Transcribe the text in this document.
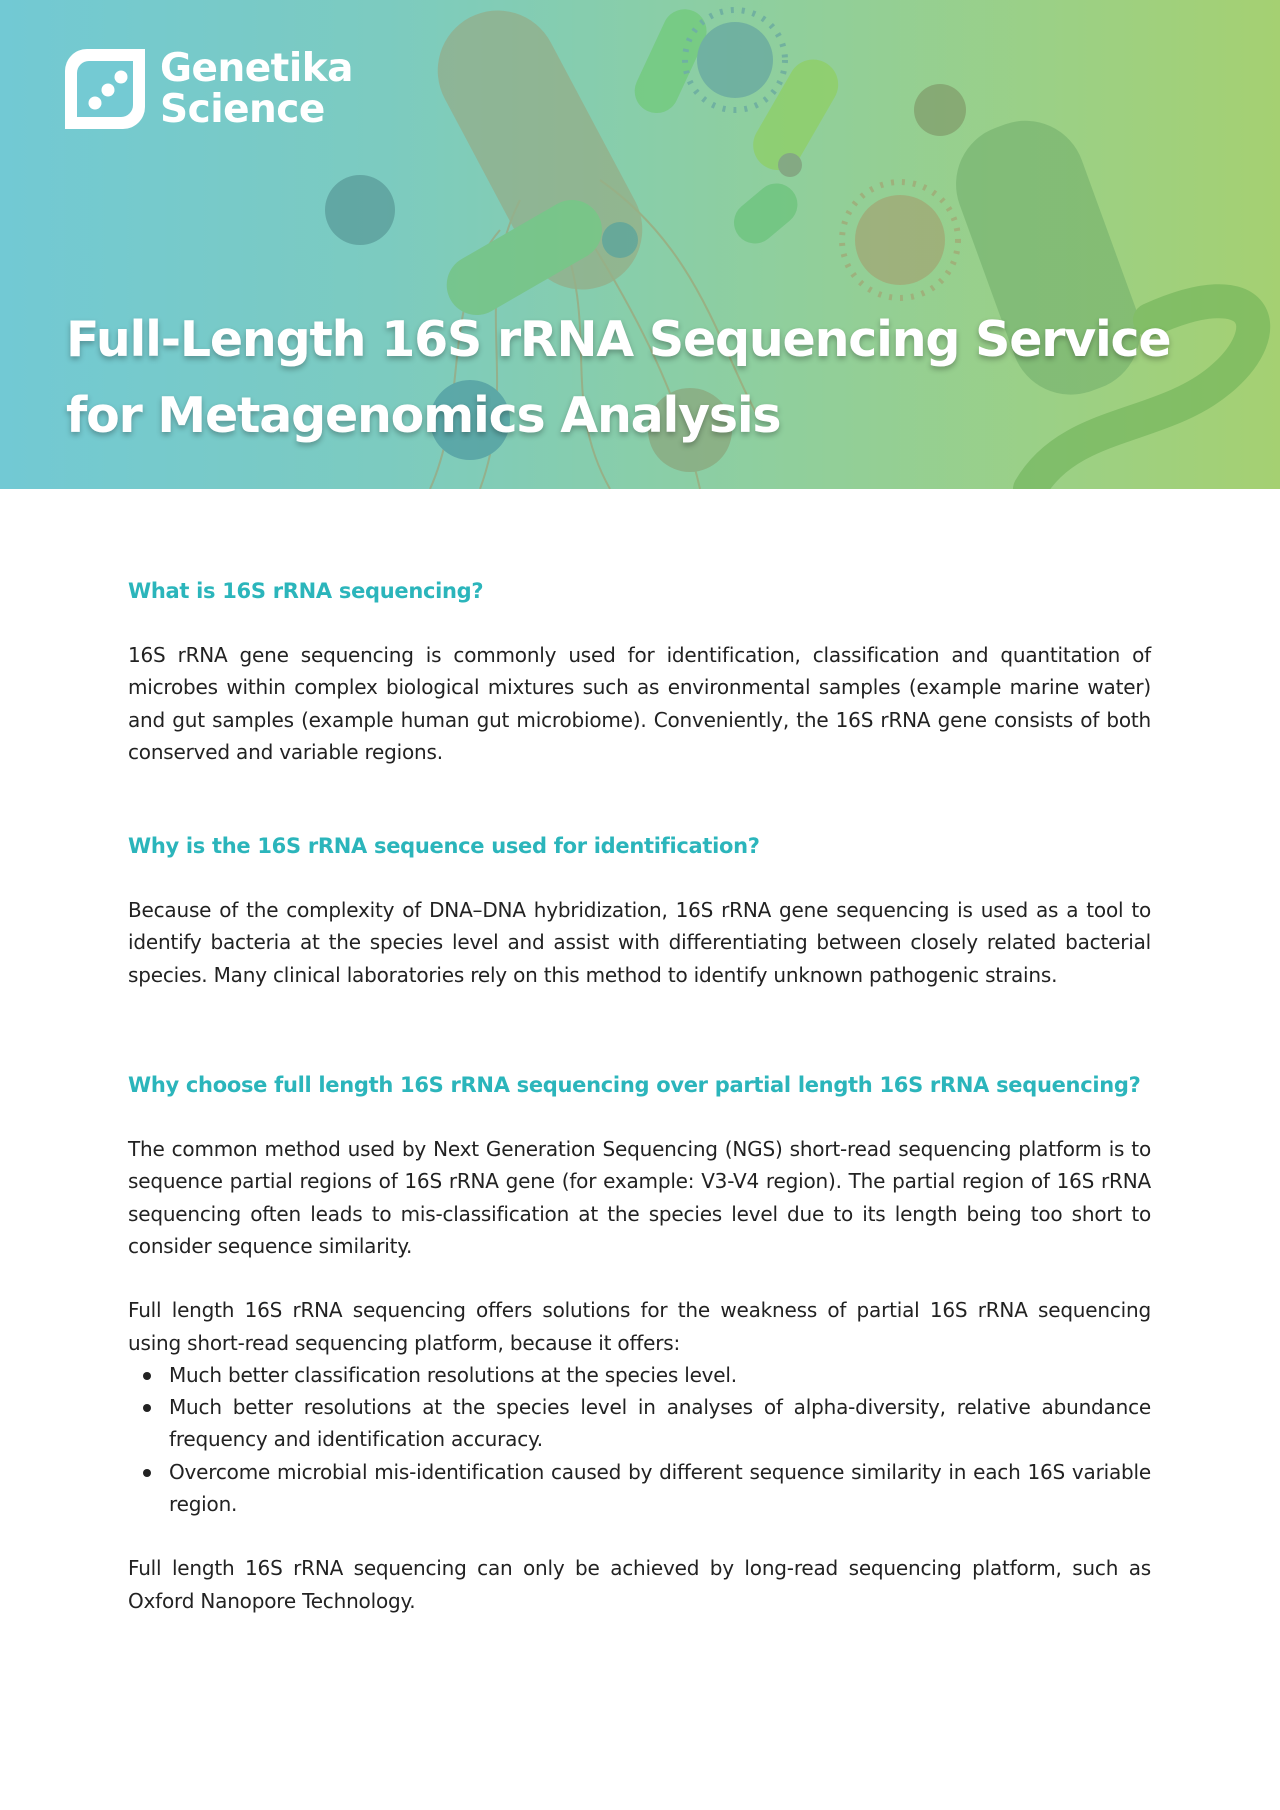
Genetika
Science
Full-Length 16S rRNA Sequencing Service
for Metagenomics Analysis
What is 16S rRNA sequencing?

16S rRNA gene sequencing is commonly used for identification, classification and quantitation of microbes within complex biological mixtures such as environmental samples (example marine water) and gut samples (example human gut microbiome). Conveniently, the 16S rRNA gene consists of both conserved and variable regions.

Why is the 16S rRNA sequence used for identification?

Because of the complexity of DNA–DNA hybridization, 16S rRNA gene sequencing is used as a tool to identify bacteria at the species level and assist with differentiating between closely related bacterial species. Many clinical laboratories rely on this method to identify unknown pathogenic strains.

Why choose full length 16S rRNA sequencing over partial length 16S rRNA sequencing?

The common method used by Next Generation Sequencing (NGS) short-read sequencing platform is to sequence partial regions of 16S rRNA gene (for example: V3-V4 region). The partial region of 16S rRNA sequencing often leads to mis-classification at the species level due to its length being too short to consider sequence similarity.

Full length 16S rRNA sequencing offers solutions for the weakness of partial 16S rRNA sequencing using short-read sequencing platform, because it offers:

Much better classification resolutions at the species level.
Much better resolutions at the species level in analyses of alpha-diversity, relative abundance frequency and identification accuracy.
Overcome microbial mis-identification caused by different sequence similarity in each 16S variable region.

Full length 16S rRNA sequencing can only be achieved by long-read sequencing platform, such as Oxford Nanopore Technology.
